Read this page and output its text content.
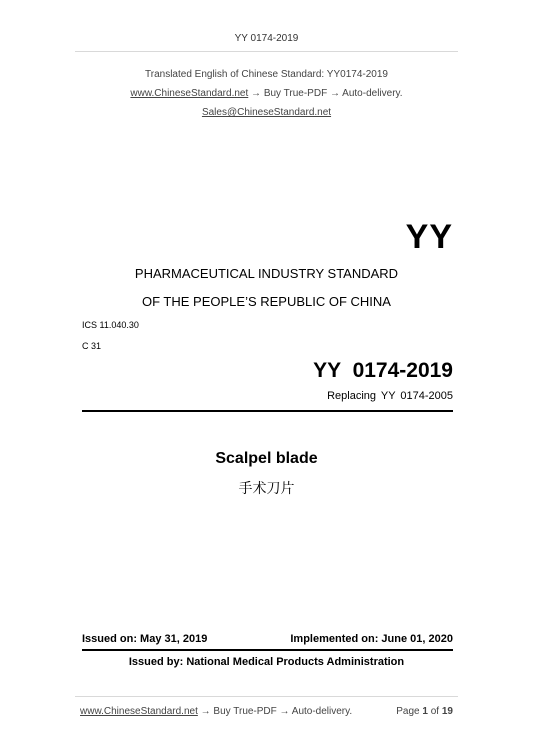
YY 0174-2019
Translated English of Chinese Standard: YY0174-2019
www.ChineseStandard.net → Buy True-PDF → Auto-delivery.
Sales@ChineseStandard.net
YY
PHARMACEUTICAL INDUSTRY STANDARD
OF THE PEOPLE’S REPUBLIC OF CHINA
ICS 11.040.30
C 31
YY 0174-2019
Replacing YY 0174-2005
Scalpel blade
手术刀片
Issued on: May 31, 2019	Implemented on: June 01, 2020
Issued by: National Medical Products Administration
www.ChineseStandard.net → Buy True-PDF → Auto-delivery.	Page 1 of 19
